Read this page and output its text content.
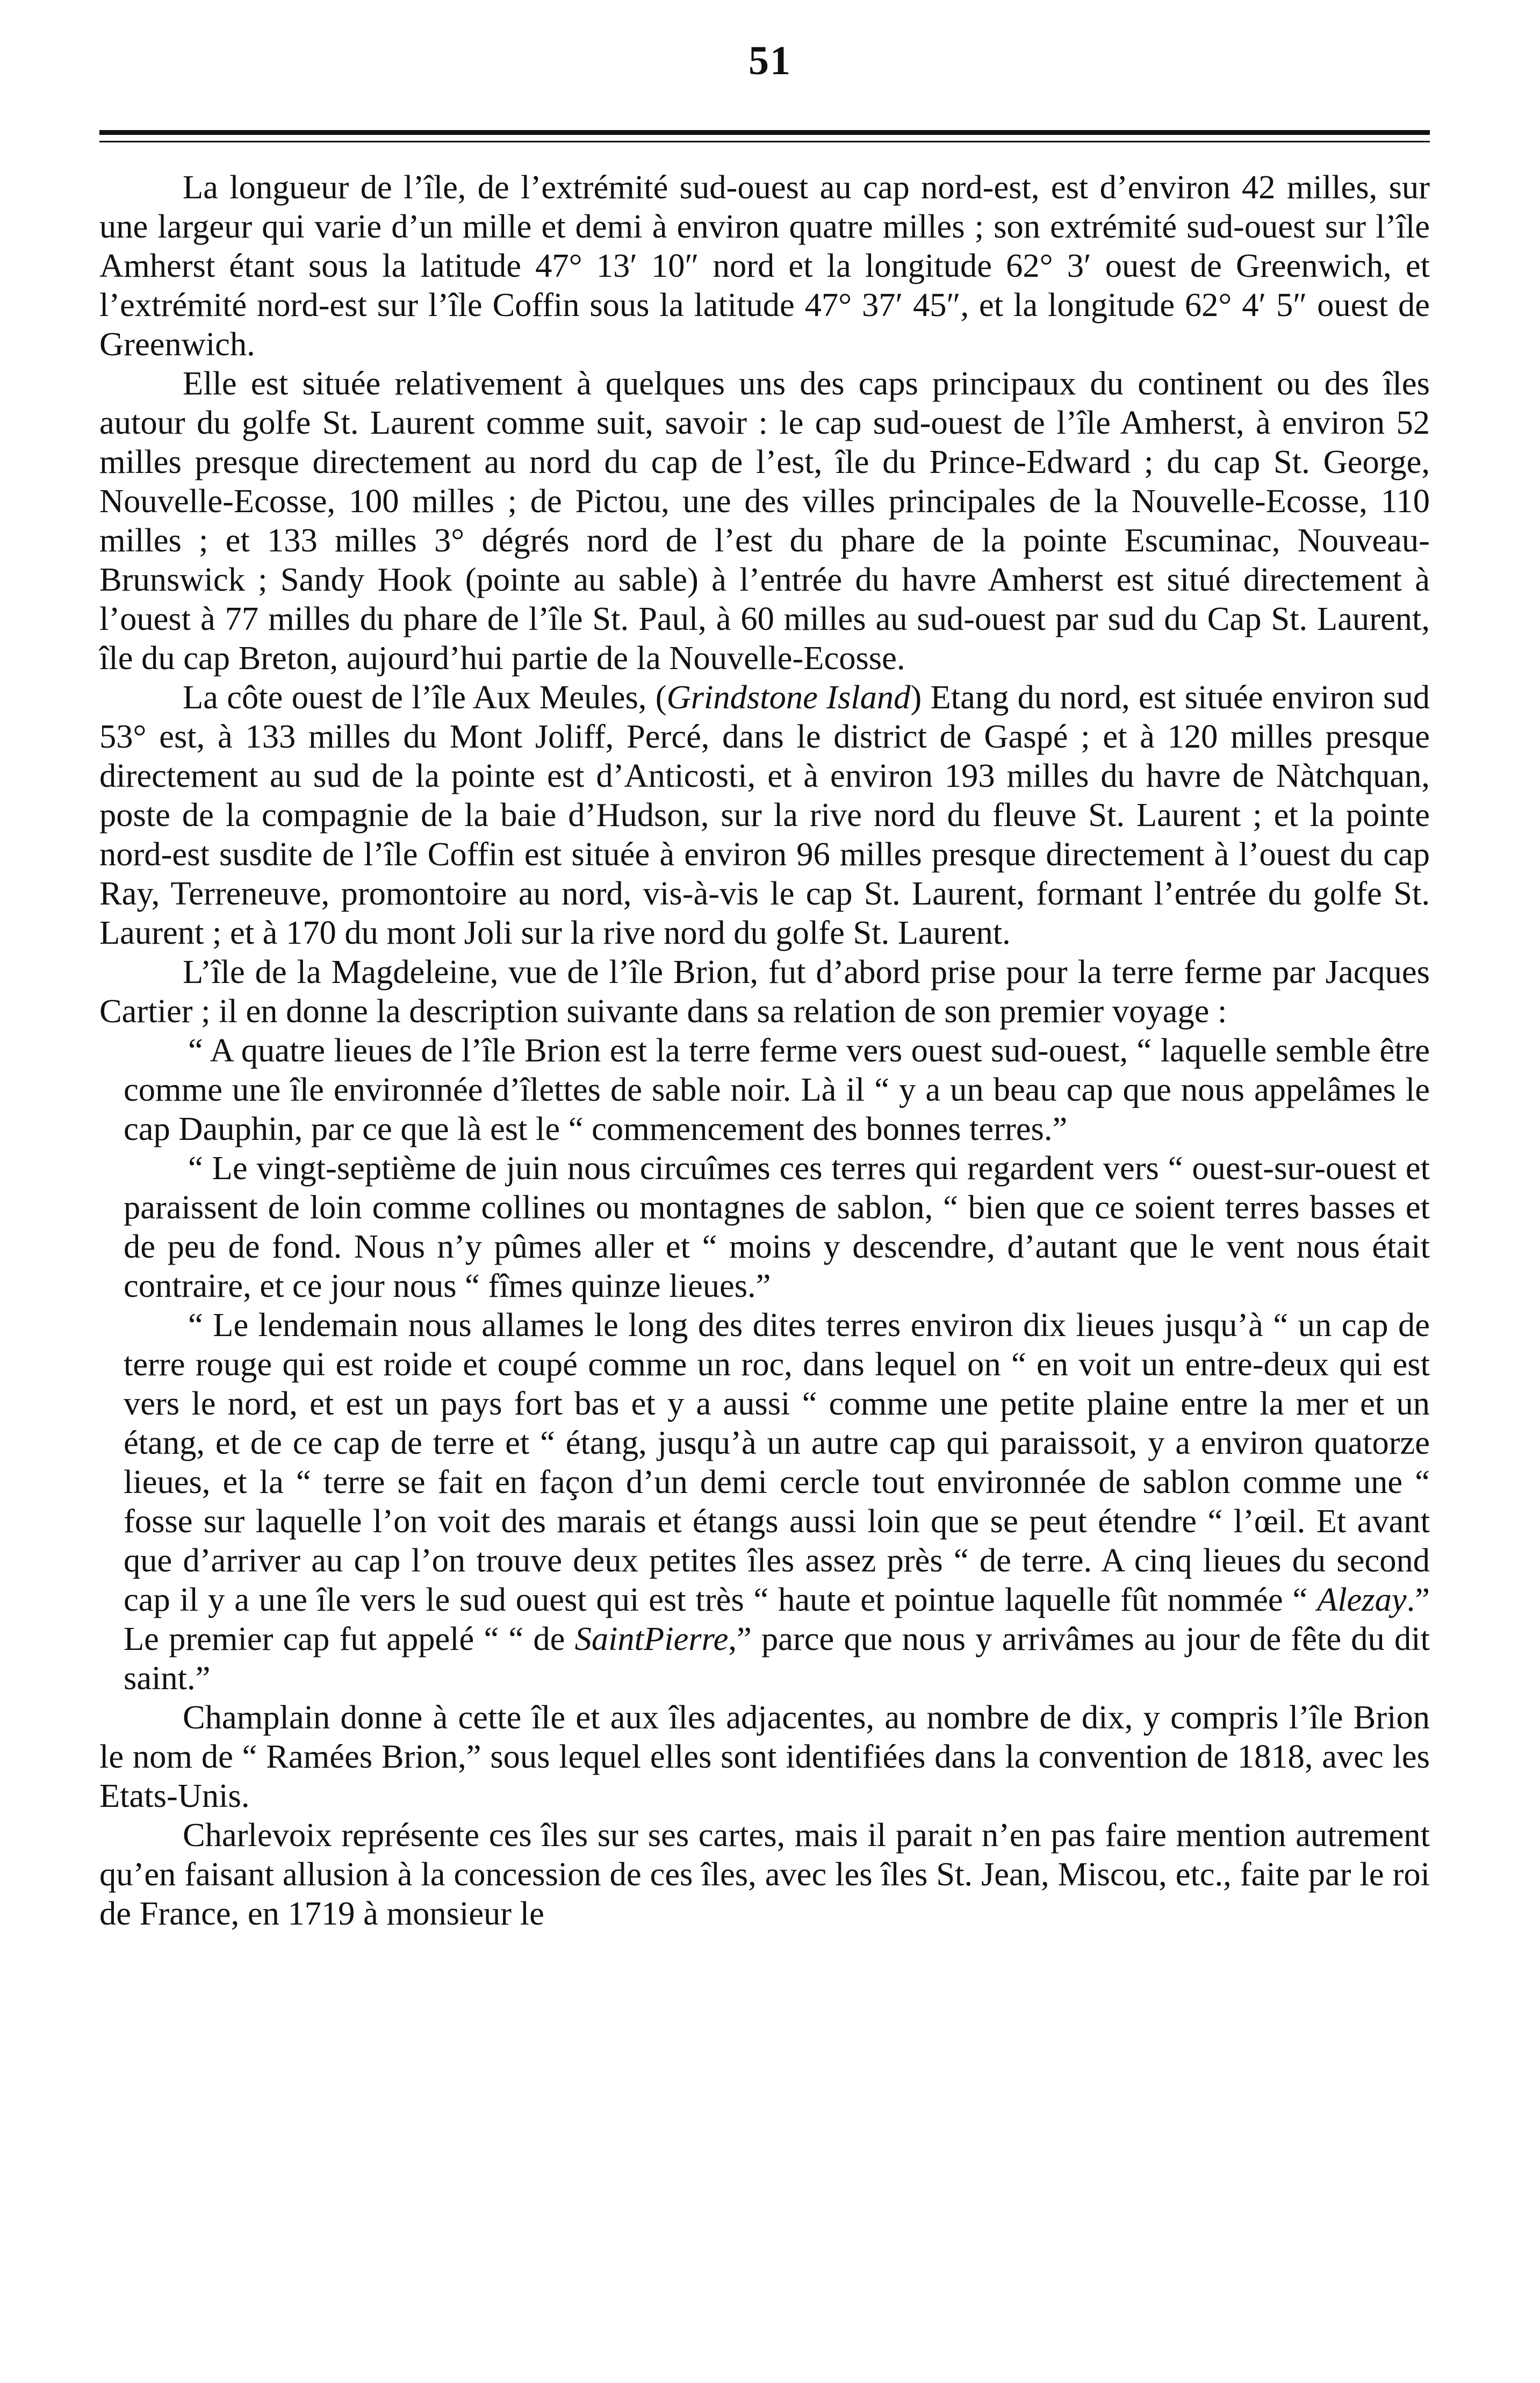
51

La longueur de l’île, de l’extrémité sud-ouest au cap nord-est, est d’environ 42 milles, sur une largeur qui varie d’un mille et demi à environ quatre milles ; son extrémité sud-ouest sur l’île Amherst étant sous la latitude 47° 13′ 10″ nord et la longitude 62° 3′ ouest de Greenwich, et l’extrémité nord-est sur l’île Coffin sous la latitude 47° 37′ 45″, et la longitude 62° 4′ 5″ ouest de Greenwich.

Elle est située relativement à quelques uns des caps principaux du continent ou des îles autour du golfe St. Laurent comme suit, savoir : le cap sud-ouest de l’île Amherst, à environ 52 milles presque directement au nord du cap de l’est, île du Prince-Edward ; du cap St. George, Nouvelle-Ecosse, 100 milles ; de Pictou, une des villes principales de la Nouvelle-Ecosse, 110 milles ; et 133 milles 3° dégrés nord de l’est du phare de la pointe Escuminac, Nouveau-Brunswick ; Sandy Hook (pointe au sable) à l’entrée du havre Amherst est situé directement à l’ouest à 77 milles du phare de l’île St. Paul, à 60 milles au sud-ouest par sud du Cap St. Laurent, île du cap Breton, aujourd’hui partie de la Nouvelle-Ecosse.

La côte ouest de l’île Aux Meules, (Grindstone Island) Etang du nord, est située environ sud 53° est, à 133 milles du Mont Joliff, Percé, dans le district de Gaspé ; et à 120 milles presque directement au sud de la pointe est d’Anticosti, et à environ 193 milles du havre de Nàtchquan, poste de la compagnie de la baie d’Hudson, sur la rive nord du fleuve St. Laurent ; et la pointe nord-est susdite de l’île Coffin est située à environ 96 milles presque directement à l’ouest du cap Ray, Terreneuve, promontoire au nord, vis-à-vis le cap St. Laurent, formant l’entrée du golfe St. Laurent ; et à 170 du mont Joli sur la rive nord du golfe St. Laurent.

L’île de la Magdeleine, vue de l’île Brion, fut d’abord prise pour la terre ferme par Jacques Cartier ; il en donne la description suivante dans sa relation de son premier voyage :

“ A quatre lieues de l’île Brion est la terre ferme vers ouest sud-ouest, “ laquelle semble être comme une île environnée d’îlettes de sable noir. Là il “ y a un beau cap que nous appelâmes le cap Dauphin, par ce que là est le “ commencement des bonnes terres.”

“ Le vingt-septième de juin nous circuîmes ces terres qui regardent vers “ ouest-sur-ouest et paraissent de loin comme collines ou montagnes de sablon, “ bien que ce soient terres basses et de peu de fond. Nous n’y pûmes aller et “ moins y descendre, d’autant que le vent nous était contraire, et ce jour nous “ fîmes quinze lieues.”

“ Le lendemain nous allames le long des dites terres environ dix lieues jusqu’à “ un cap de terre rouge qui est roide et coupé comme un roc, dans lequel on “ en voit un entre-deux qui est vers le nord, et est un pays fort bas et y a aussi “ comme une petite plaine entre la mer et un étang, et de ce cap de terre et “ étang, jusqu’à un autre cap qui paraissoit, y a environ quatorze lieues, et la “ terre se fait en façon d’un demi cercle tout environnée de sablon comme une “ fosse sur laquelle l’on voit des marais et étangs aussi loin que se peut étendre “ l’œil. Et avant que d’arriver au cap l’on trouve deux petites îles assez près “ de terre. A cinq lieues du second cap il y a une île vers le sud ouest qui est très “ haute et pointue laquelle fût nommée “ Alezay.” Le premier cap fut appelé “ “ de SaintPierre,” parce que nous y arrivâmes au jour de fête du dit saint.”

Champlain donne à cette île et aux îles adjacentes, au nombre de dix, y compris l’île Brion le nom de “ Ramées Brion,” sous lequel elles sont identifiées dans la convention de 1818, avec les Etats-Unis.

Charlevoix représente ces îles sur ses cartes, mais il parait n’en pas faire mention autrement qu’en faisant allusion à la concession de ces îles, avec les îles St. Jean, Miscou, etc., faite par le roi de France, en 1719 à monsieur le
